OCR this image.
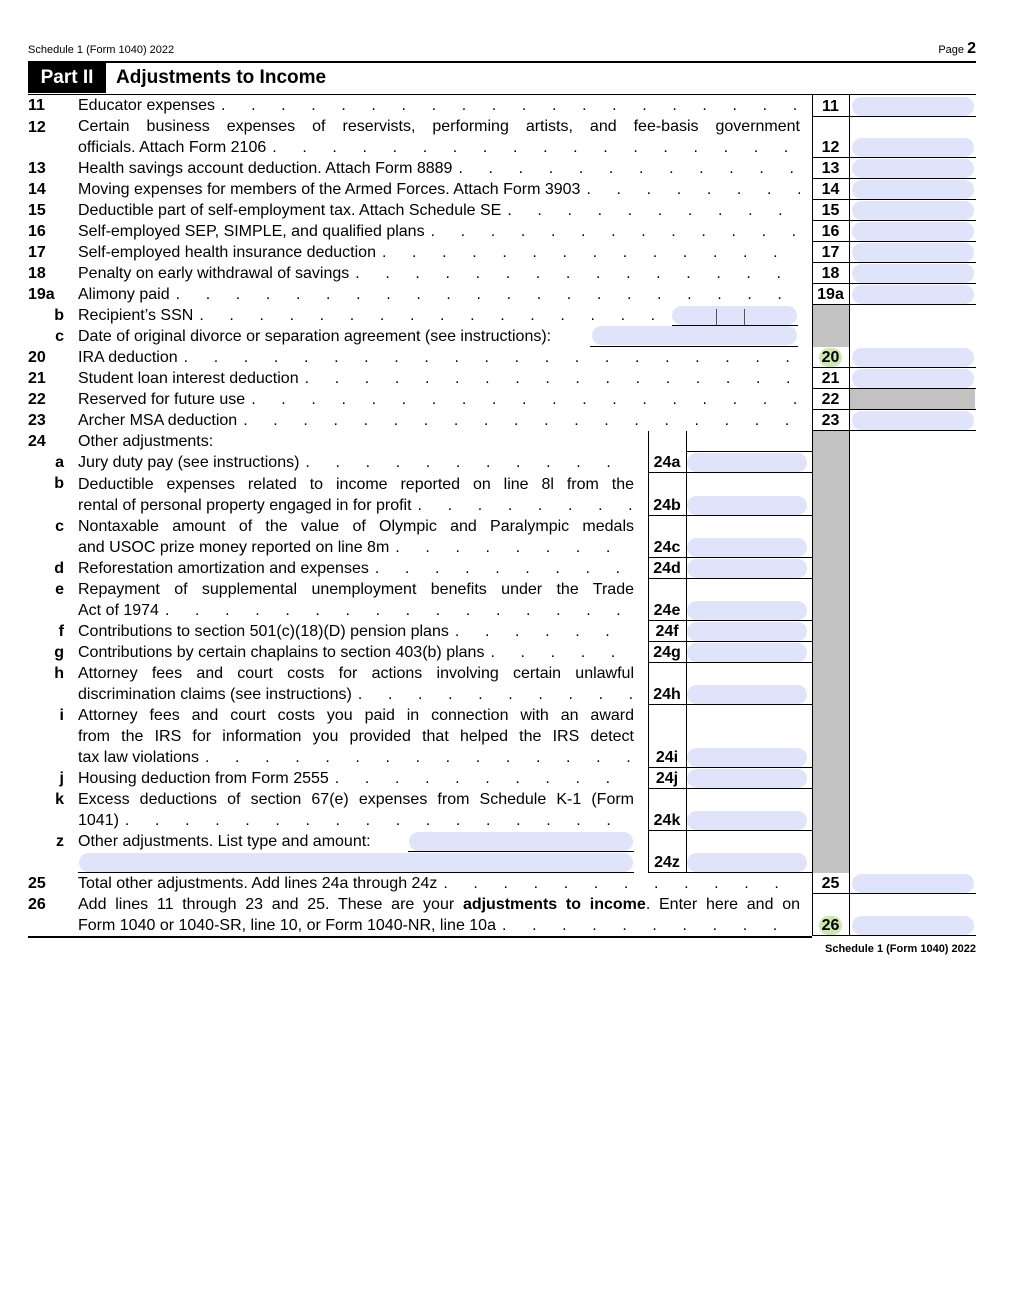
Schedule 1 (Form 1040) 2022	Page 2
Part II	Adjustments to Income
11	Educator expenses . . .	11
12	Certain business expenses of reservists, performing artists, and fee-basis government
officials. Attach Form 2106 . . .	12
13	Health savings account deduction. Attach Form 8889 . . .	13
14	Moving expenses for members of the Armed Forces. Attach Form 3903 . . .	14
15	Deductible part of self-employment tax. Attach Schedule SE . . .	15
16	Self-employed SEP, SIMPLE, and qualified plans . . .	16
17	Self-employed health insurance deduction . . .	17
18	Penalty on early withdrawal of savings . . .	18
19a	Alimony paid . . .	19a
b Recipient’s SSN
. . .
c Date of original divorce or separation agreement (see instructions):
20	IRA deduction . . .	20
21	Student loan interest deduction . . .	21
22	Reserved for future use . . .	22
23	Archer MSA deduction . . .	23
24	Other adjustments:
a Jury duty pay (see instructions) . . .	24a
b Deductible expenses related to income reported on line 8l from the
rental of personal property engaged in for profit . . .	24b
c Nontaxable amount of the value of Olympic and Paralympic medals
and USOC prize money reported on line 8m . . .	24c
d Reforestation amortization and expenses . . .	24d
e Repayment of supplemental unemployment benefits under the Trade
Act of 1974 . . .	24e
f Contributions to section 501(c)(18)(D) pension plans . . .	24f
g Contributions by certain chaplains to section 403(b) plans . . .	24g
h Attorney fees and court costs for actions involving certain unlawful
discrimination claims (see instructions) . . .	24h
i Attorney fees and court costs you paid in connection with an award
from the IRS for information you provided that helped the IRS detect
tax law violations . . .	24i
j Housing deduction from Form 2555 . . .	24j
k Excess deductions of section 67(e) expenses from Schedule K-1 (Form
1041) . . .	24k
z Other adjustments. List type and amount:
24z
25	Total other adjustments. Add lines 24a through 24z . . .	25
26	Add lines 11 through 23 and 25. These are your adjustments to income. Enter here and on
Form 1040 or 1040-SR, line 10, or Form 1040-NR, line 10a . . .	26
Schedule 1 (Form 1040) 2022
